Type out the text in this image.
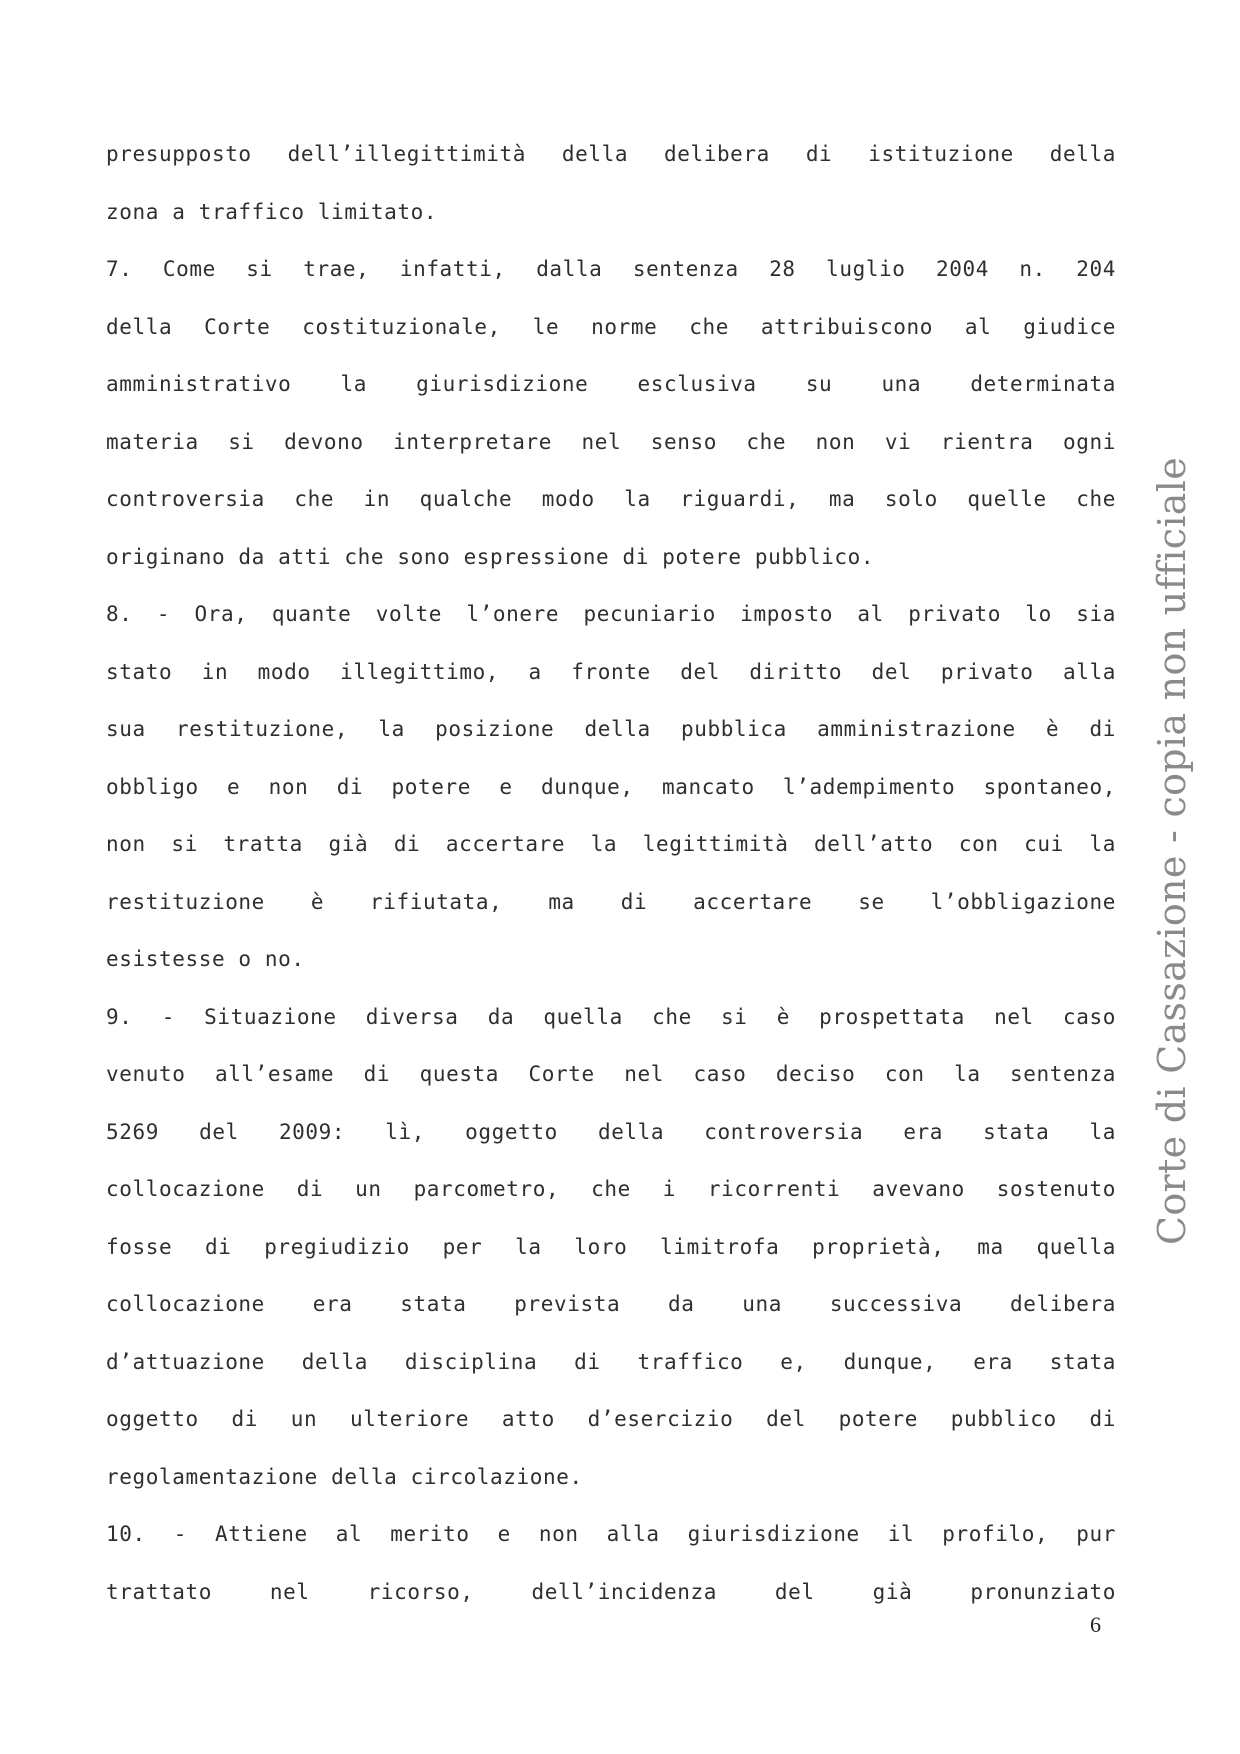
presupposto dell’illegittimità della delibera di istituzione della
zona a traffico limitato.
7. Come si trae, infatti, dalla sentenza 28 luglio 2004 n. 204
della Corte costituzionale, le norme che attribuiscono al giudice
amministrativo la giurisdizione esclusiva su una determinata
materia si devono interpretare nel senso che non vi rientra ogni
controversia che in qualche modo la riguardi, ma solo quelle che
originano da atti che sono espressione di potere pubblico.
8. - Ora, quante volte l’onere pecuniario imposto al privato lo sia
stato in modo illegittimo, a fronte del diritto del privato alla
sua restituzione, la posizione della pubblica amministrazione è di
obbligo e non di potere e dunque, mancato l’adempimento spontaneo,
non si tratta già di accertare la legittimità dell’atto con cui la
restituzione è rifiutata, ma di accertare se l’obbligazione
esistesse o no.
9. - Situazione diversa da quella che si è prospettata nel caso
venuto all’esame di questa Corte nel caso deciso con la sentenza
5269 del 2009: lì, oggetto della controversia era stata la
collocazione di un parcometro, che i ricorrenti avevano sostenuto
fosse di pregiudizio per la loro limitrofa proprietà, ma quella
collocazione era stata prevista da una successiva delibera
d’attuazione della disciplina di traffico e, dunque, era stata
oggetto di un ulteriore atto d’esercizio del potere pubblico di
regolamentazione della circolazione.
10. - Attiene al merito e non alla giurisdizione il profilo, pur
trattato nel ricorso, dell’incidenza del già pronunziato
Corte di Cassazione - copia non ufficiale
6
